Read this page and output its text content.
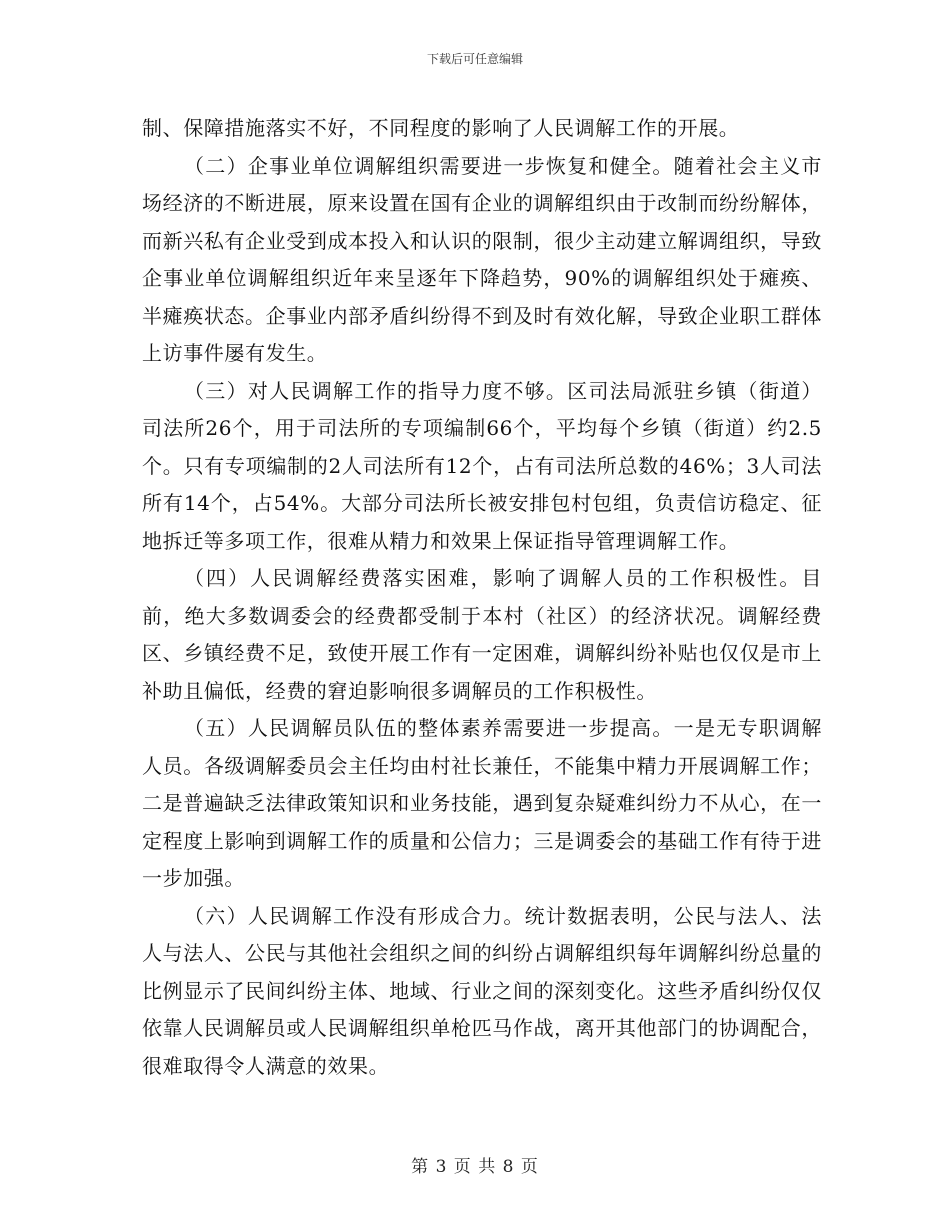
下载后可任意编辑

制、保障措施落实不好，不同程度的影响了人民调解工作的开展。

（二）企事业单位调解组织需要进一步恢复和健全。随着社会主义市场经济的不断进展，原来设置在国有企业的调解组织由于改制而纷纷解体，而新兴私有企业受到成本投入和认识的限制，很少主动建立解调组织，导致企事业单位调解组织近年来呈逐年下降趋势，90%的调解组织处于瘫痪、半瘫痪状态。企事业内部矛盾纠纷得不到及时有效化解，导致企业职工群体上访事件屡有发生。

（三）对人民调解工作的指导力度不够。区司法局派驻乡镇（街道）司法所26个，用于司法所的专项编制66个，平均每个乡镇（街道）约2.5个。只有专项编制的2人司法所有12个，占有司法所总数的46%；3人司法所有14个，占54%。大部分司法所长被安排包村包组，负责信访稳定、征地拆迁等多项工作，很难从精力和效果上保证指导管理调解工作。

（四）人民调解经费落实困难，影响了调解人员的工作积极性。目前，绝大多数调委会的经费都受制于本村（社区）的经济状况。调解经费区、乡镇经费不足，致使开展工作有一定困难，调解纠纷补贴也仅仅是市上补助且偏低，经费的窘迫影响很多调解员的工作积极性。

（五）人民调解员队伍的整体素养需要进一步提高。一是无专职调解人员。各级调解委员会主任均由村社长兼任，不能集中精力开展调解工作；二是普遍缺乏法律政策知识和业务技能，遇到复杂疑难纠纷力不从心，在一定程度上影响到调解工作的质量和公信力；三是调委会的基础工作有待于进一步加强。

（六）人民调解工作没有形成合力。统计数据表明，公民与法人、法人与法人、公民与其他社会组织之间的纠纷占调解组织每年调解纠纷总量的比例显示了民间纠纷主体、地域、行业之间的深刻变化。这些矛盾纠纷仅仅依靠人民调解员或人民调解组织单枪匹马作战，离开其他部门的协调配合，很难取得令人满意的效果。

第 3 页 共 8 页
